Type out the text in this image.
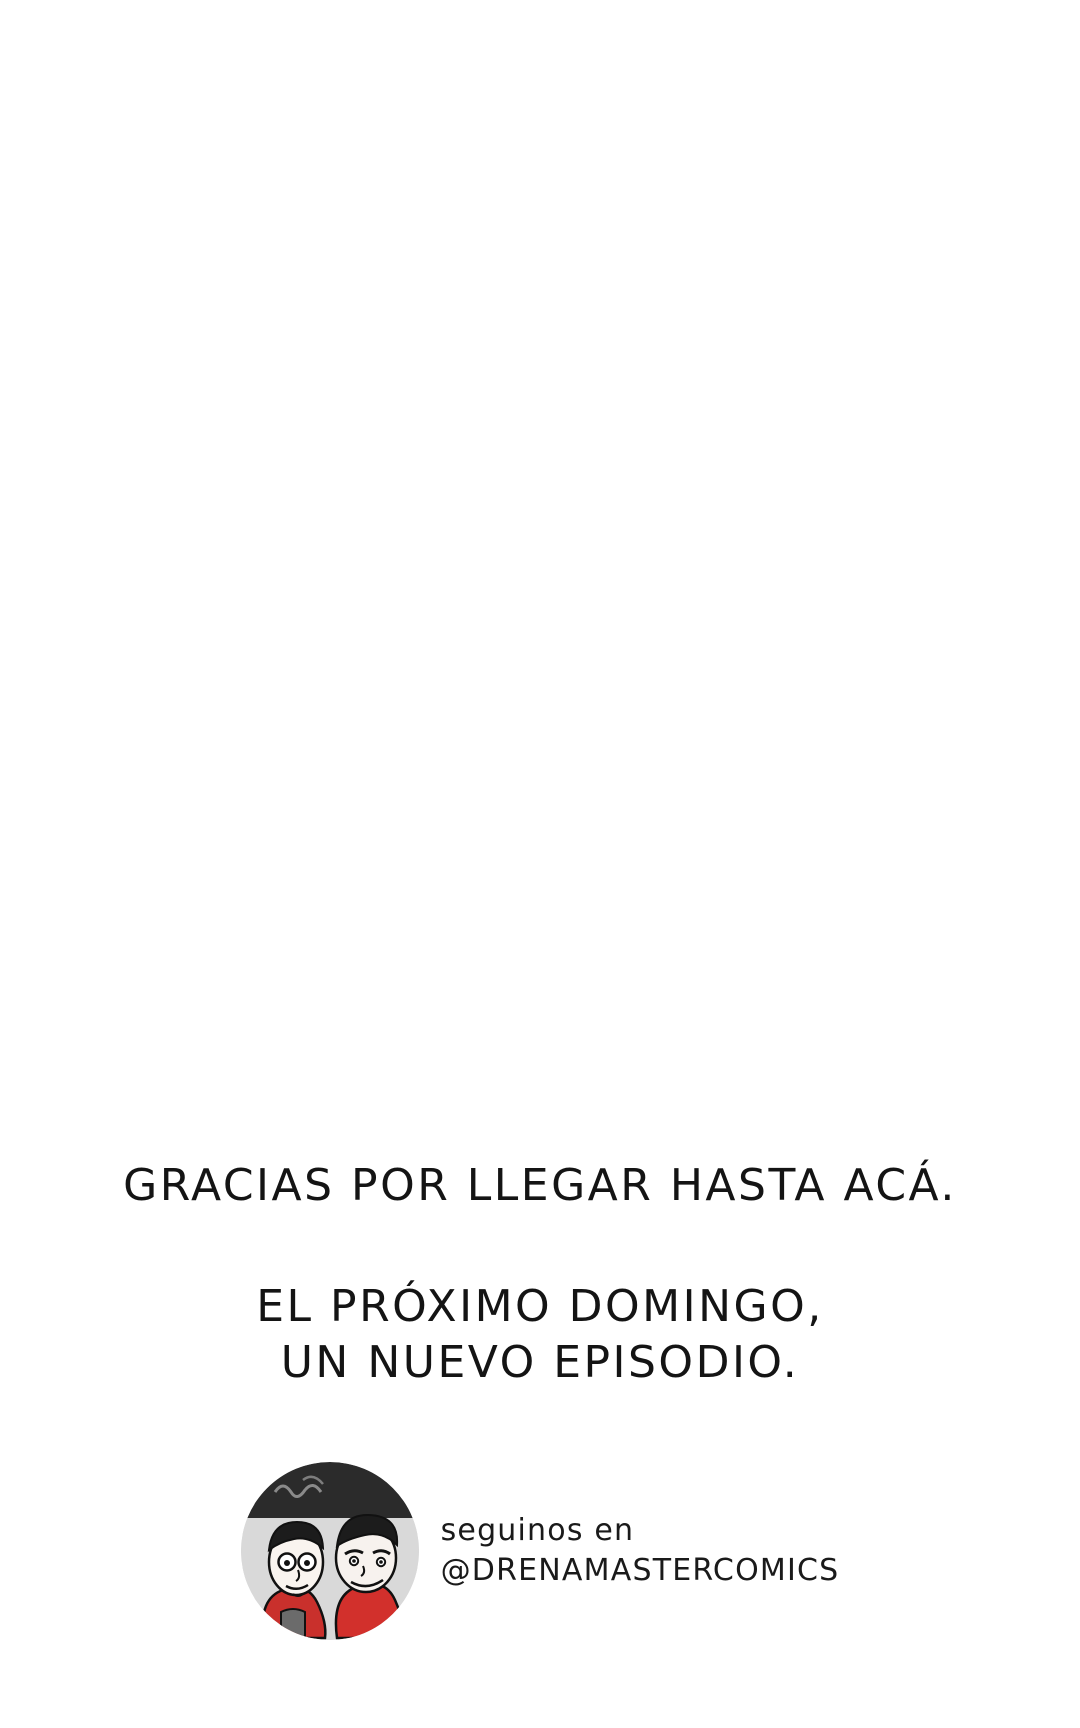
GRACIAS POR LLEGAR HASTA ACÁ.
EL PRÓXIMO DOMINGO,
UN NUEVO EPISODIO.
seguinos en
@DRENAMASTERCOMICS
